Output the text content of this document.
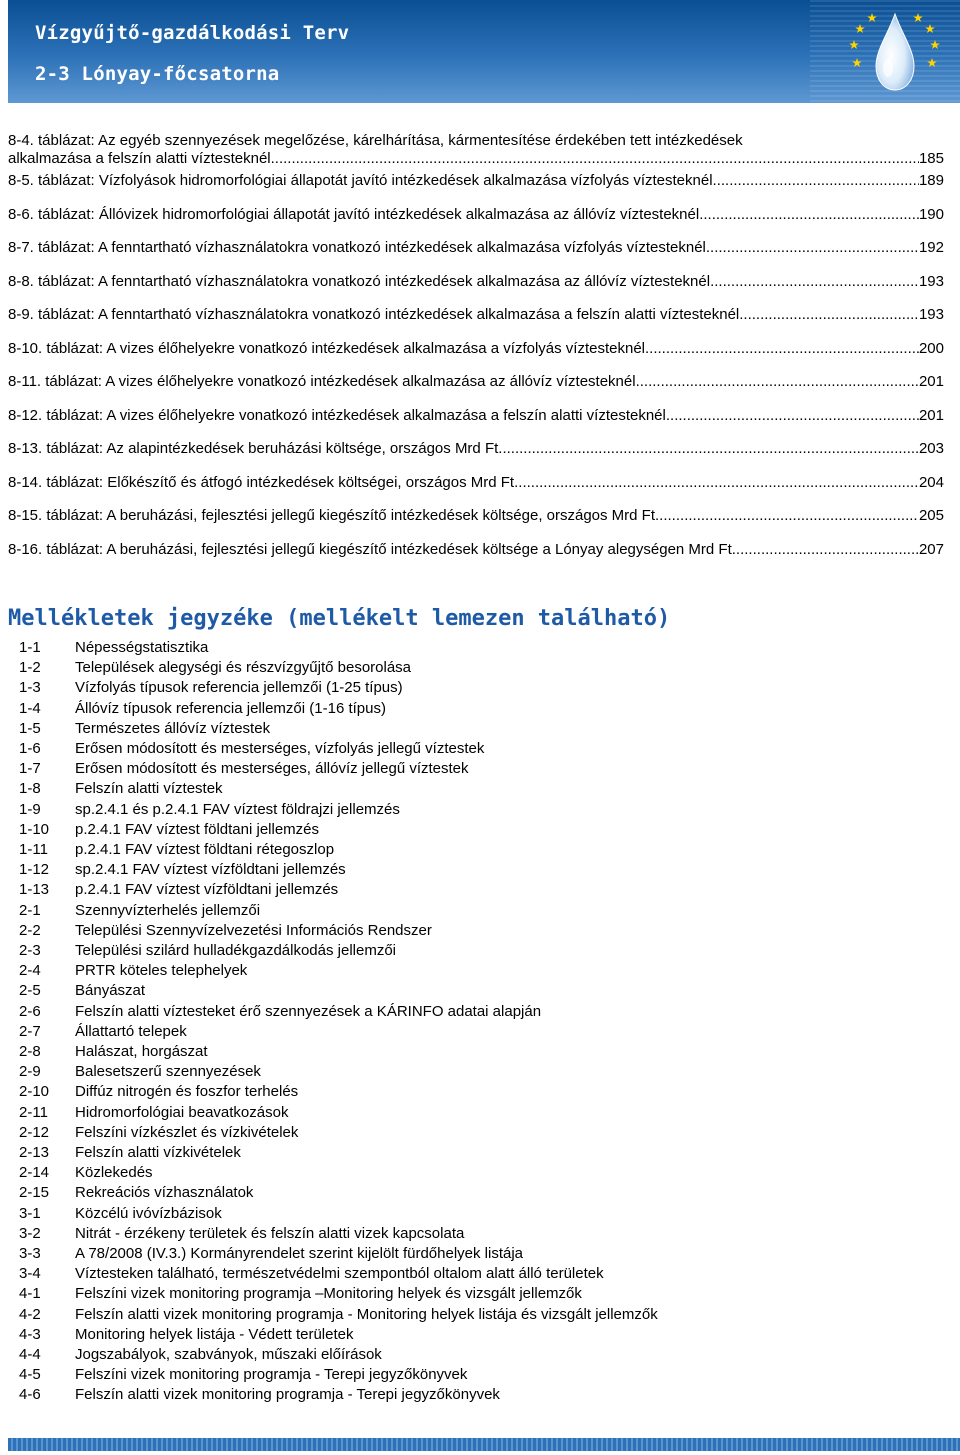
Vízgyűjtő-gazdálkodási Terv
2-3 Lónyay-főcsatorna
8-4. táblázat: Az egyéb szennyezések megelőzése, kárelhárítása, kármentesítése érdekében tett intézkedések
alkalmazása a felszín alatti víztesteknél .....	185
8-5. táblázat: Vízfolyások hidromorfológiai állapotát javító intézkedések alkalmazása vízfolyás víztesteknél .....	189
8-6. táblázat: Állóvizek hidromorfológiai állapotát javító intézkedések alkalmazása az állóvíz víztesteknél .....	190
8-7. táblázat: A fenntartható vízhasználatokra vonatkozó intézkedések alkalmazása vízfolyás víztesteknél .....	192
8-8. táblázat: A fenntartható vízhasználatokra vonatkozó intézkedések alkalmazása az állóvíz víztesteknél .....	193
8-9. táblázat: A fenntartható vízhasználatokra vonatkozó intézkedések alkalmazása a felszín alatti víztesteknél .....	193
8-10. táblázat: A vizes élőhelyekre vonatkozó intézkedések alkalmazása a vízfolyás víztesteknél .....	200
8-11. táblázat: A vizes élőhelyekre vonatkozó intézkedések alkalmazása az állóvíz víztesteknél .....	201
8-12. táblázat: A vizes élőhelyekre vonatkozó intézkedések alkalmazása a felszín alatti víztesteknél .....	201
8-13. táblázat: Az alapintézkedések beruházási költsége, országos Mrd Ft .....	203
8-14. táblázat: Előkészítő és átfogó intézkedések költségei, országos Mrd Ft .....	204
8-15. táblázat: A beruházási, fejlesztési jellegű kiegészítő intézkedések költsége, országos Mrd Ft .....	205
8-16. táblázat: A beruházási, fejlesztési jellegű kiegészítő intézkedések költsége a Lónyay alegységen Mrd Ft .....	207
Mellékletek jegyzéke (mellékelt lemezen található)
1-1	Népességstatisztika
1-2	Települések alegységi és részvízgyűjtő besorolása
1-3	Vízfolyás típusok referencia jellemzői (1-25 típus)
1-4	Állóvíz típusok referencia jellemzői (1-16 típus)
1-5	Természetes állóvíz víztestek
1-6	Erősen módosított és mesterséges, vízfolyás jellegű víztestek
1-7	Erősen módosított és mesterséges, állóvíz jellegű víztestek
1-8	Felszín alatti víztestek
1-9	sp.2.4.1 és p.2.4.1 FAV víztest földrajzi jellemzés
1-10	p.2.4.1 FAV víztest földtani jellemzés
1-11	p.2.4.1 FAV víztest földtani rétegoszlop
1-12	sp.2.4.1 FAV víztest vízföldtani jellemzés
1-13	p.2.4.1 FAV víztest vízföldtani jellemzés
2-1	Szennyvízterhelés jellemzői
2-2	Települési Szennyvízelvezetési Információs Rendszer
2-3	Települési szilárd hulladékgazdálkodás jellemzői
2-4	PRTR köteles telephelyek
2-5	Bányászat
2-6	Felszín alatti víztesteket érő szennyezések a KÁRINFO adatai alapján
2-7	Állattartó telepek
2-8	Halászat, horgászat
2-9	Balesetszerű szennyezések
2-10	Diffúz nitrogén és foszfor terhelés
2-11	Hidromorfológiai beavatkozások
2-12	Felszíni vízkészlet és vízkivételek
2-13	Felszín alatti vízkivételek
2-14	Közlekedés
2-15	Rekreációs vízhasználatok
3-1	Közcélú ivóvízbázisok
3-2	Nitrát - érzékeny területek és felszín alatti vizek kapcsolata
3-3	A 78/2008 (IV.3.) Kormányrendelet szerint kijelölt fürdőhelyek listája
3-4	Víztesteken található, természetvédelmi szempontból oltalom alatt álló területek
4-1	Felszíni vizek monitoring programja –Monitoring helyek és vizsgált jellemzők
4-2	Felszín alatti vizek monitoring programja - Monitoring helyek listája és vizsgált jellemzők
4-3	Monitoring helyek listája - Védett területek
4-4	Jogszabályok, szabványok, műszaki előírások
4-5	Felszíni vizek monitoring programja - Terepi jegyzőkönyvek
4-6	Felszín alatti vizek monitoring programja - Terepi jegyzőkönyvek
